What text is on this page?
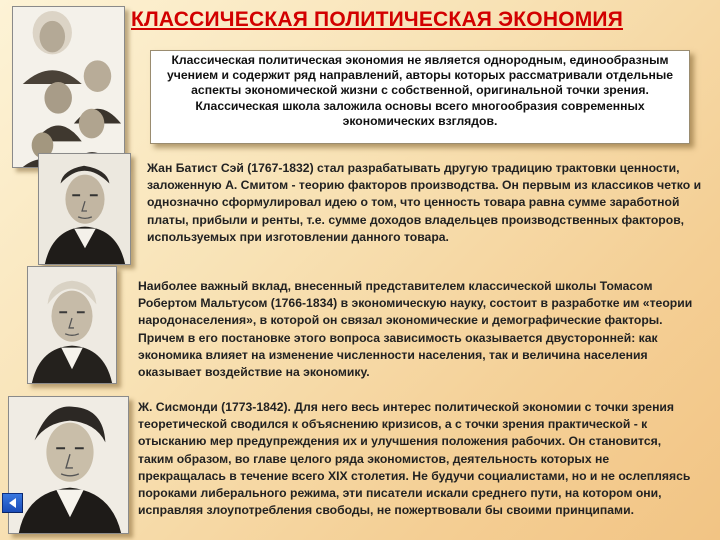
КЛАССИЧЕСКАЯ ПОЛИТИЧЕСКАЯ ЭКОНОМИЯ
Классическая политическая экономия не является однородным, единообразным учением и содержит ряд направлений, авторы которых рассматривали отдельные аспекты экономической жизни с собственной, оригинальной точки зрения. Классическая школа заложила основы всего многообразия современных экономических взглядов.
Жан Батист Сэй (1767-1832) стал разрабатывать другую традицию трактовки ценности, заложенную А. Смитом - теорию факторов производства. Он первым из классиков четко и однозначно сформулировал идею о том, что ценность товара равна сумме заработной платы, прибыли и ренты, т.е. сумме доходов владельцев производственных факторов, используемых при изготовлении данного товара.
Наиболее важный вклад, внесенный представителем классической школы Томасом Робертом Мальтусом (1766-1834) в экономическую науку, состоит в разработке им «теории народонаселения», в которой он связал экономические и демографические факторы. Причем в его постановке этого вопроса зависимость оказывается двусторонней: как экономика влияет на изменение численности населения, так и величина населения оказывает воздействие на экономику.
Ж. Сисмонди (1773-1842). Для него весь интерес политической экономии с точки зрения теоретической сводился к объяснению кризисов, а с точки зрения практической - к отысканию мер предупреждения их и улучшения положения рабочих. Он становится, таким образом, во главе целого ряда экономистов, деятельность которых не прекращалась в течение всего XIX столетия. Не будучи социалистами, но и не ослепляясь пороками либерального режима, эти писатели искали среднего пути, на котором они, исправляя злоупотребления свободы, не пожертвовали бы своими принципами.
